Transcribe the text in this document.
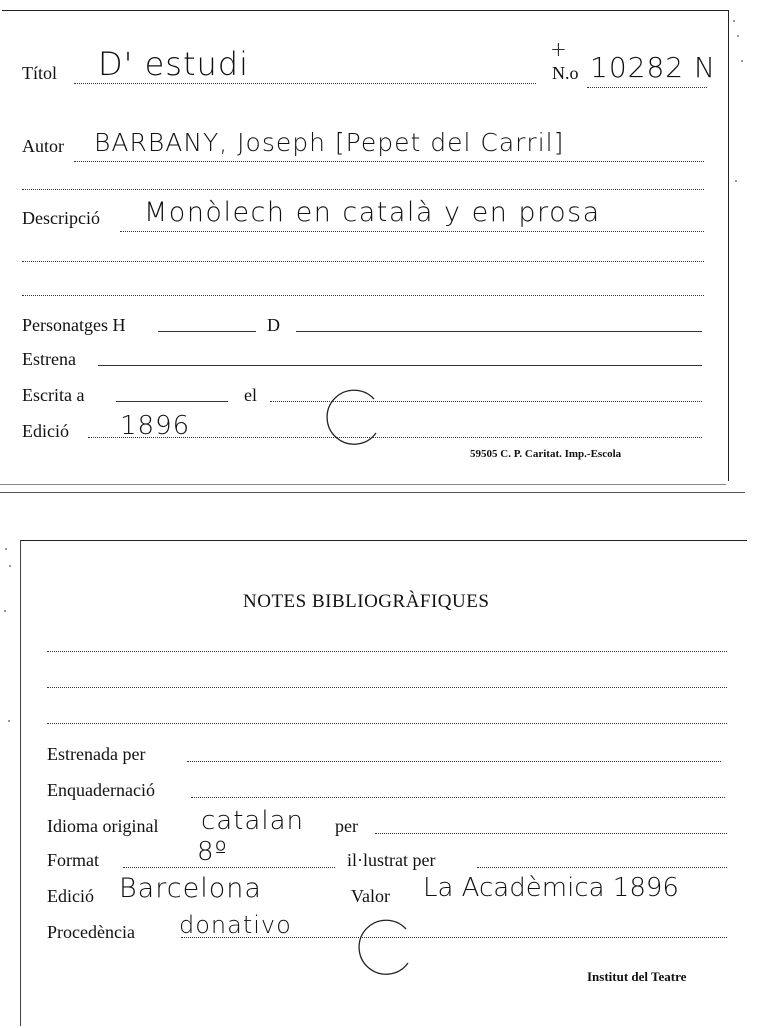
Títol D' estudi	+
N.o 10282 N
Autor BARBANY, Joseph [Pepet del Carril]
Descripció Monòlech en català y en prosa
Personatges H	D
Estrena
Escrita a	el
Edició 1896
59505 C. P. Caritat. Imp.-Escola
NOTES BIBLIOGRÀFIQUES
Estrenada per
Enquadernació
Idioma original catalan per
Format	8º	il·lustrat per
Edició Barcelona	Valor La Acadèmica 1896
Procedència donativo
Institut del Teatre
